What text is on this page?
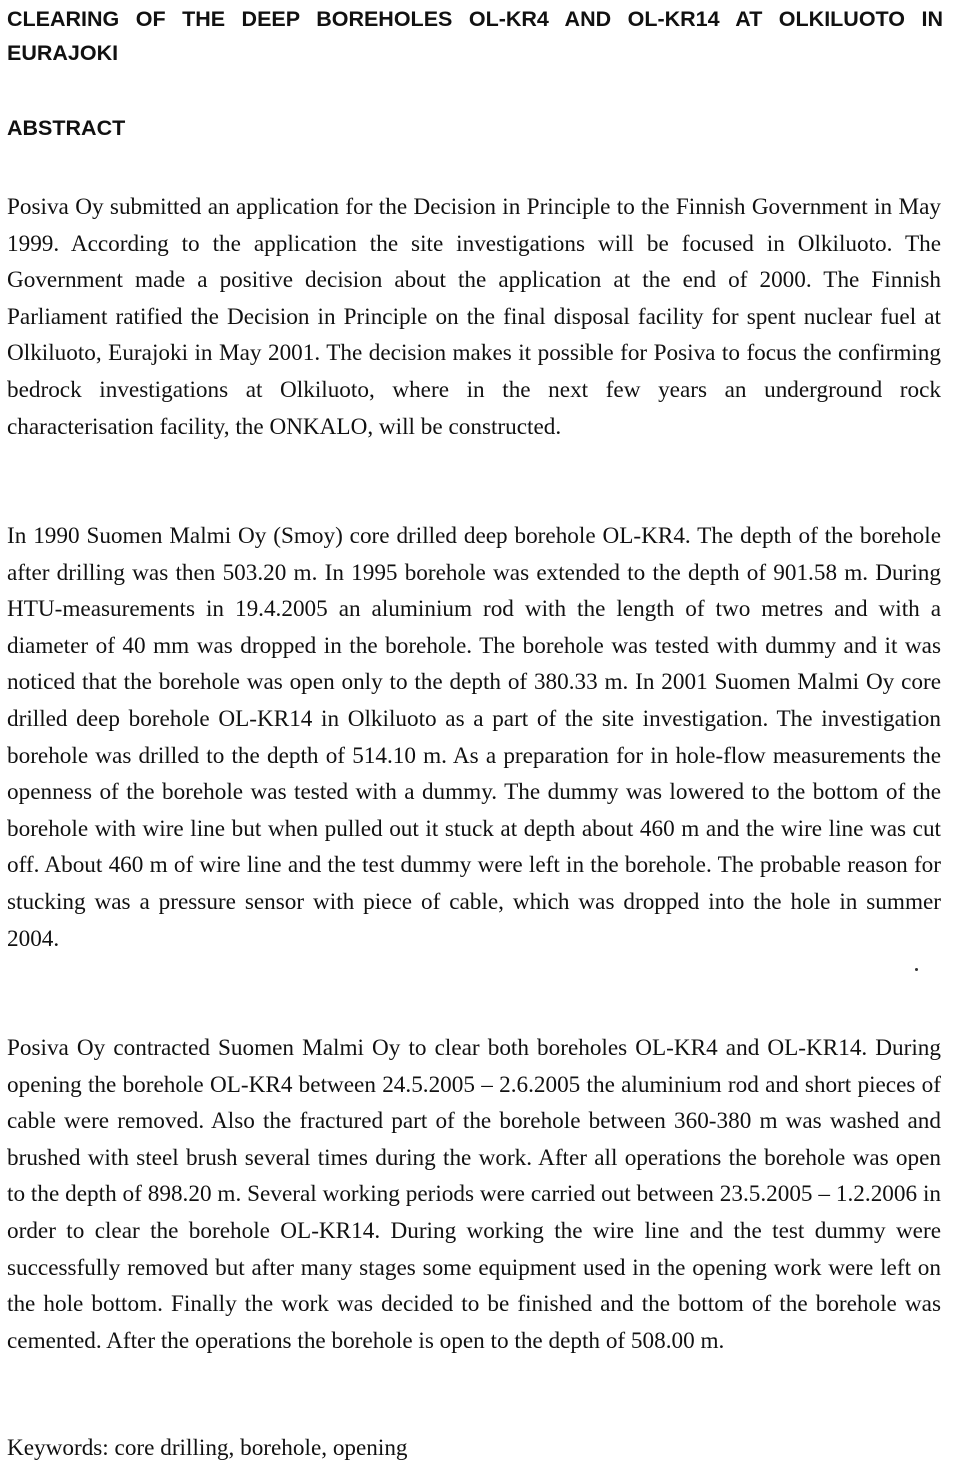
CLEARING OF THE DEEP BOREHOLES OL-KR4 AND OL-KR14 AT OLKILUOTO IN EURAJOKI
ABSTRACT

Posiva Oy submitted an application for the Decision in Principle to the Finnish Government in May 1999. According to the application the site investigations will be focused in Olkiluoto. The Government made a positive decision about the application at the end of 2000. The Finnish Parliament ratified the Decision in Principle on the final disposal facility for spent nuclear fuel at Olkiluoto, Eurajoki in May 2001. The decision makes it possible for Posiva to focus the confirming bedrock investigations at Olkiluoto, where in the next few years an underground rock characterisation facility, the ONKALO, will be constructed.

In 1990 Suomen Malmi Oy (Smoy) core drilled deep borehole OL-KR4. The depth of the borehole after drilling was then 503.20 m. In 1995 borehole was extended to the depth of 901.58 m. During HTU-measurements in 19.4.2005 an aluminium rod with the length of two metres and with a diameter of 40 mm was dropped in the borehole. The borehole was tested with dummy and it was noticed that the borehole was open only to the depth of 380.33 m. In 2001 Suomen Malmi Oy core drilled deep borehole OL-KR14 in Olkiluoto as a part of the site investigation. The investigation borehole was drilled to the depth of 514.10 m. As a preparation for in hole-flow measurements the openness of the borehole was tested with a dummy. The dummy was lowered to the bottom of the borehole with wire line but when pulled out it stuck at depth about 460 m and the wire line was cut off. About 460 m of wire line and the test dummy were left in the borehole. The probable reason for stucking was a pressure sensor with piece of cable, which was dropped into the hole in summer 2004.

Posiva Oy contracted Suomen Malmi Oy to clear both boreholes OL-KR4 and OL-KR14. During opening the borehole OL-KR4 between 24.5.2005 – 2.6.2005 the aluminium rod and short pieces of cable were removed. Also the fractured part of the borehole between 360-380 m was washed and brushed with steel brush several times during the work. After all operations the borehole was open to the depth of 898.20 m. Several working periods were carried out between 23.5.2005 – 1.2.2006 in order to clear the borehole OL-KR14. During working the wire line and the test dummy were successfully removed but after many stages some equipment used in the opening work were left on the hole bottom. Finally the work was decided to be finished and the bottom of the borehole was cemented. After the operations the borehole is open to the depth of 508.00 m.

Keywords: core drilling, borehole, opening
